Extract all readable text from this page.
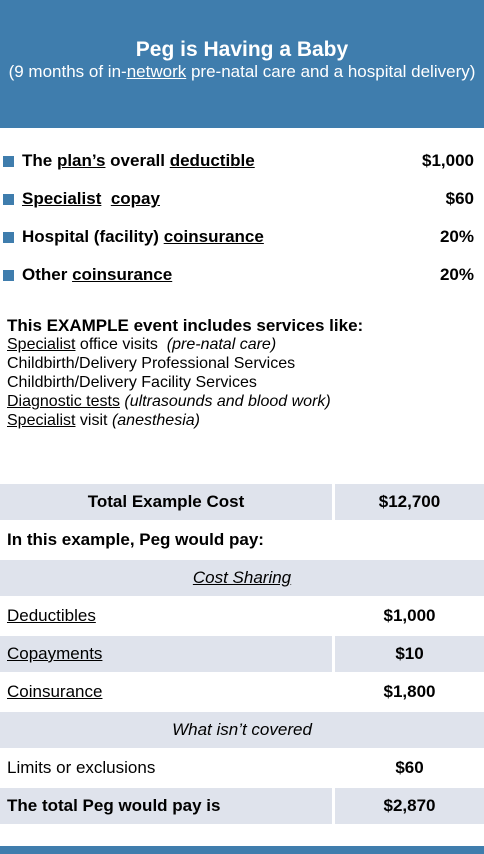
Peg is Having a Baby
(9 months of in-network pre-natal care and a hospital delivery)
The plan’s overall deductible	$1,000
Specialist copay	$60
Hospital (facility) coinsurance	20%
Other coinsurance	20%
This EXAMPLE event includes services like:
Specialist office visits  (pre-natal care)
Childbirth/Delivery Professional Services
Childbirth/Delivery Facility Services
Diagnostic tests (ultrasounds and blood work)
Specialist visit (anesthesia)
Total Example Cost	$12,700
In this example, Peg would pay:
Cost Sharing
Deductibles	$1,000
Copayments	$10
Coinsurance	$1,800
What isn’t covered
Limits or exclusions	$60
The total Peg would pay is	$2,870
